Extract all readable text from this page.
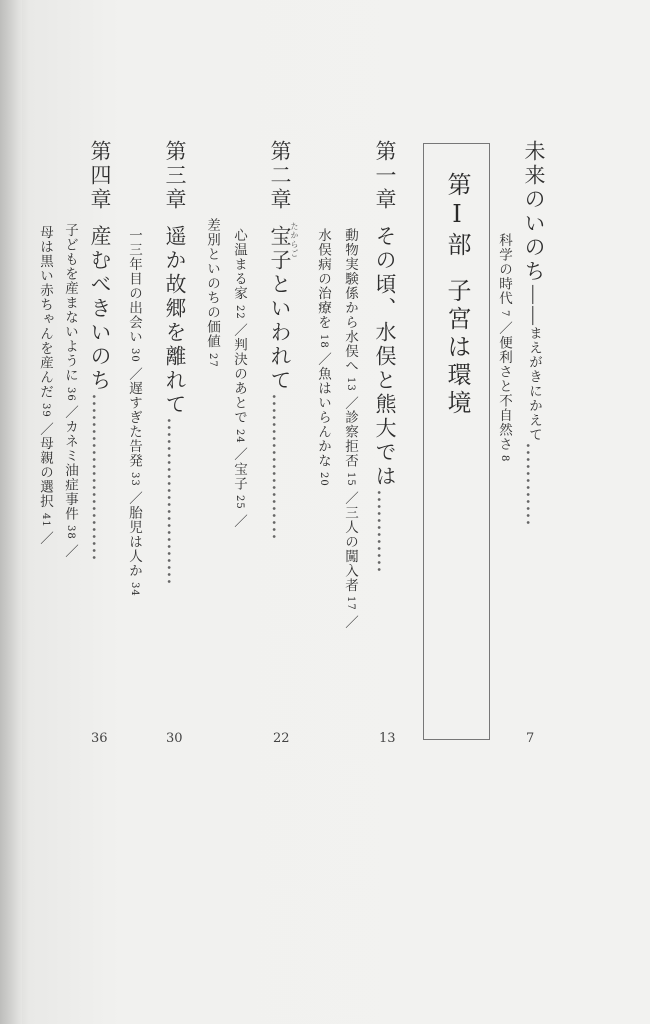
未来のいのち——まえがきにかえて…………
7
科学の時代7／便利さと不自然さ8
第Ⅰ部子宮は環境
第一章
その頃、水俣と熊大では…………
13
動物実験係から水俣へ13／診察拒否15／三人の闖入者17／
水俣病の治療を18／魚はいらんかな20
第二章
たからご
宝子といわれて…………………
22
心温まる家22／判決のあとで24／宝子25／
差別といのちの価値27
第三章
遥か故郷を離れて……………………
30
一三年目の出会い30／遅すぎた告発33／胎児は人か34
第四章
産むべきいのち……………………
36
子どもを産まないように36／カネミ油症事件38／
母は黒い赤ちゃんを産んだ39／母親の選択41／
